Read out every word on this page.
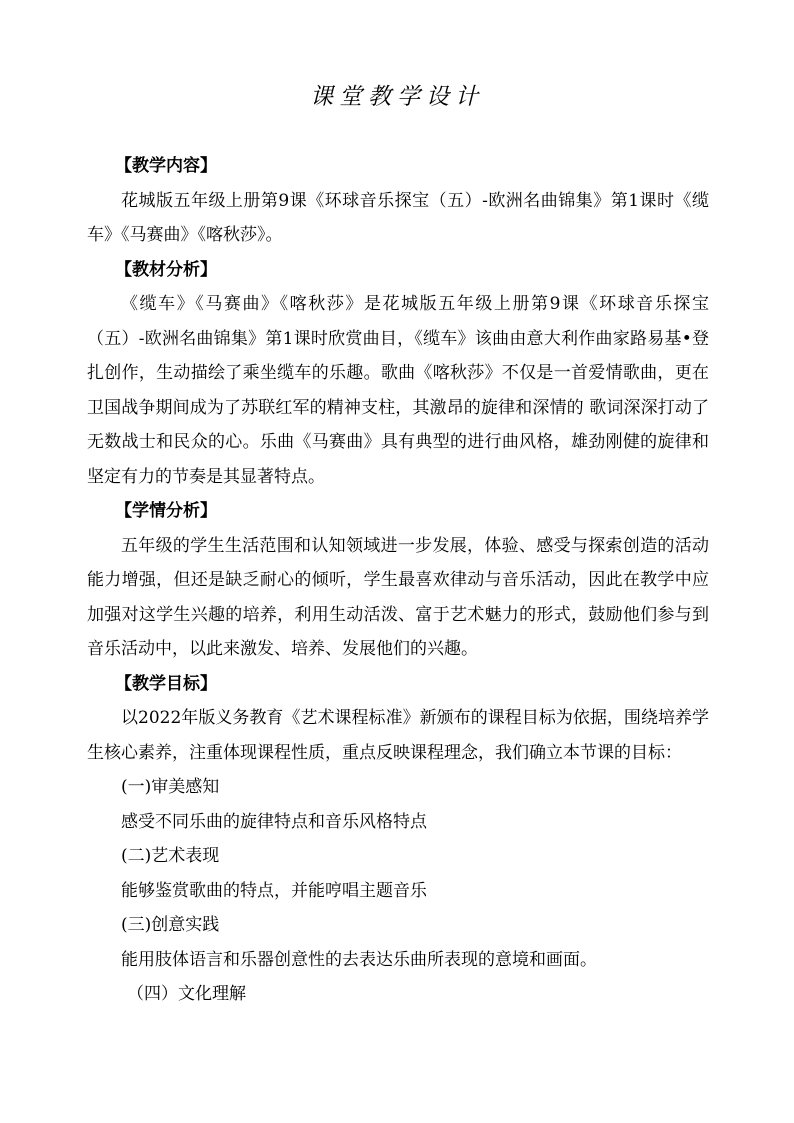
课堂教学设计

【教学内容】

花城版五年级上册第9课《环球音乐探宝（五）-欧洲名曲锦集》第1课时《缆车》《马赛曲》《喀秋莎》。

【教材分析】

《缆车》《马赛曲》《喀秋莎》是花城版五年级上册第9课《环球音乐探宝（五）-欧洲名曲锦集》第1课时欣赏曲目，《缆车》该曲由意大利作曲家路易基•登扎创作，生动描绘了乘坐缆车的乐趣。歌曲《喀秋莎》不仅是一首爱情歌曲，更在卫国战争期间成为了苏联红军的精神支柱，其激昂的旋律和深情的 歌词深深打动了无数战士和民众的心。乐曲《马赛曲》具有典型的进行曲风格，雄劲刚健的旋律和坚定有力的节奏是其显著特点。

【学情分析】

五年级的学生生活范围和认知领域进一步发展，体验、感受与探索创造的活动能力增强，但还是缺乏耐心的倾听，学生最喜欢律动与音乐活动，因此在教学中应加强对这学生兴趣的培养，利用生动活泼、富于艺术魅力的形式，鼓励他们参与到音乐活动中，以此来激发、培养、发展他们的兴趣。

【教学目标】

以2022年版义务教育《艺术课程标准》新颁布的课程目标为依据，围绕培养学生核心素养，注重体现课程性质，重点反映课程理念，我们确立本节课的目标：

(一)审美感知

感受不同乐曲的旋律特点和音乐风格特点

(二)艺术表现

能够鉴赏歌曲的特点，并能哼唱主题音乐

(三)创意实践

能用肢体语言和乐器创意性的去表达乐曲所表现的意境和画面。

（四）文化理解
